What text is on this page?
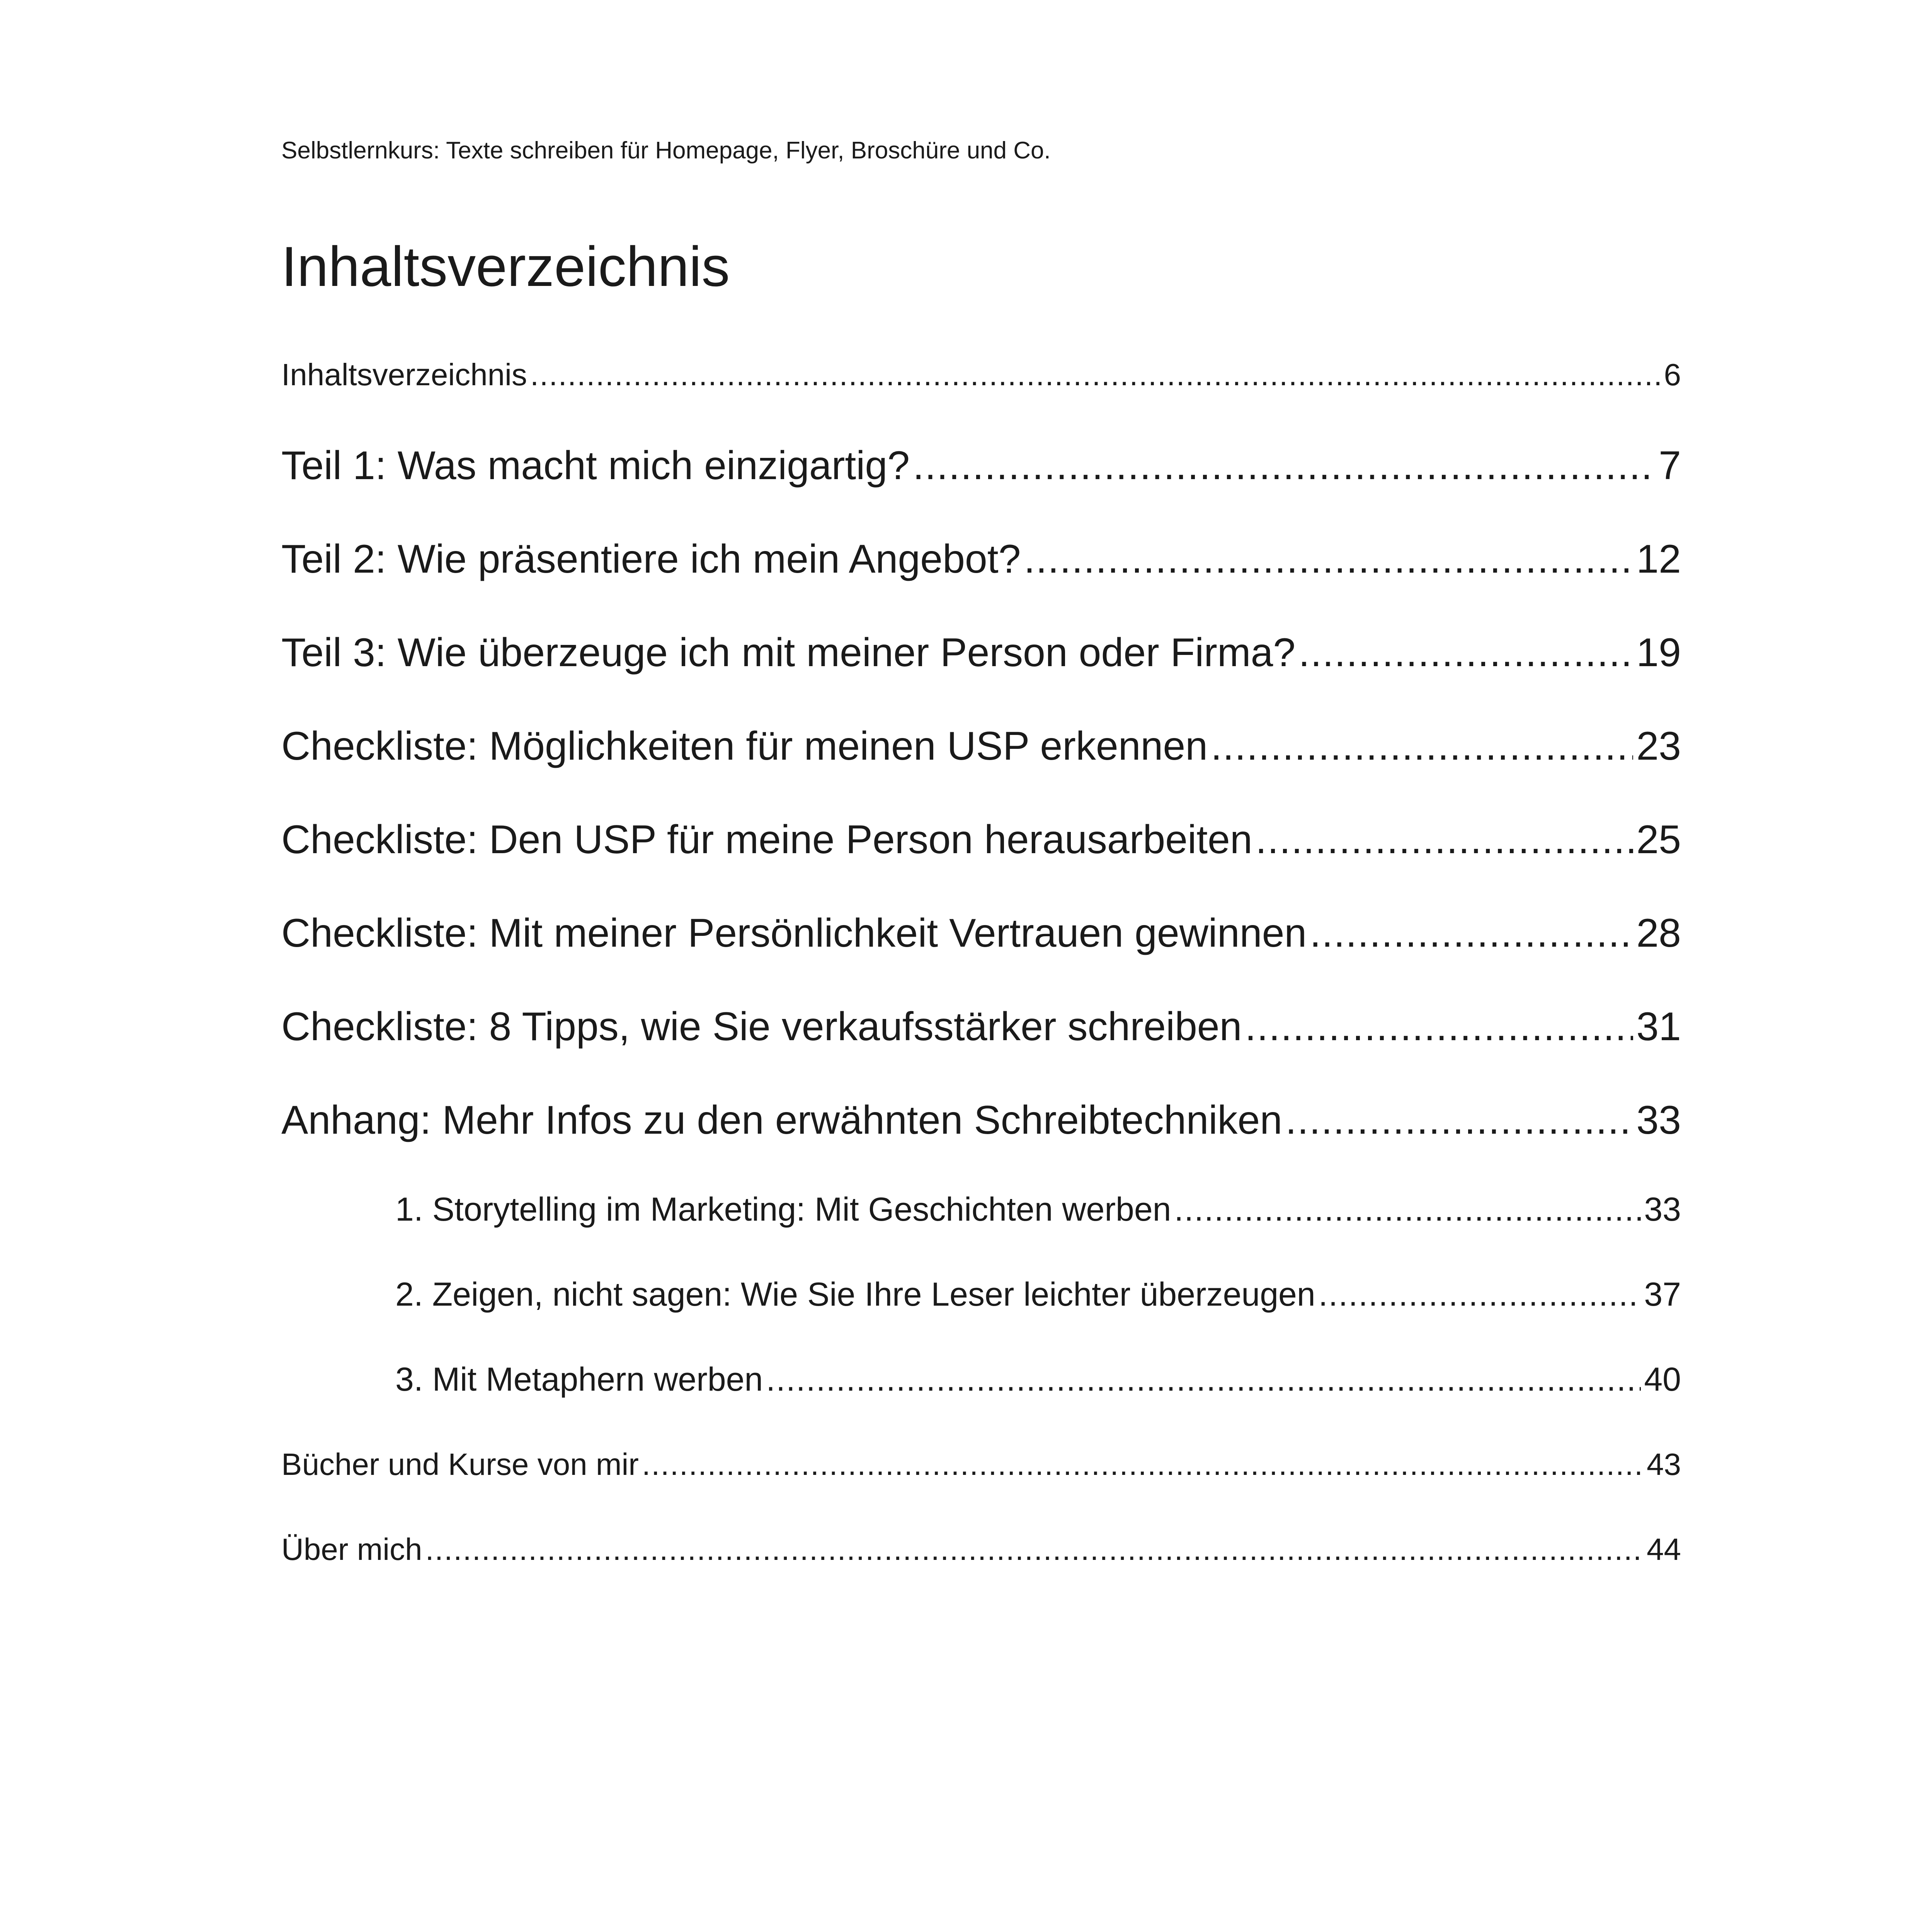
Selbstlernkurs: Texte schreiben für Homepage, Flyer, Broschüre und Co.
Inhaltsverzeichnis
Inhaltsverzeichnis .....	6
Teil 1: Was macht mich einzigartig? .....	7
Teil 2: Wie präsentiere ich mein Angebot? .....	12
Teil 3: Wie überzeuge ich mit meiner Person oder Firma? .....	19
Checkliste: Möglichkeiten für meinen USP erkennen .....	23
Checkliste: Den USP für meine Person herausarbeiten .....	25
Checkliste: Mit meiner Persönlichkeit Vertrauen gewinnen .....	28
Checkliste: 8 Tipps, wie Sie verkaufsstärker schreiben .....	31
Anhang: Mehr Infos zu den erwähnten Schreibtechniken .....	33
1. Storytelling im Marketing: Mit Geschichten werben .....	33
2. Zeigen, nicht sagen: Wie Sie Ihre Leser leichter überzeugen .....	37
3. Mit Metaphern werben .....	40
Bücher und Kurse von mir .....	43
Über mich .....	44
